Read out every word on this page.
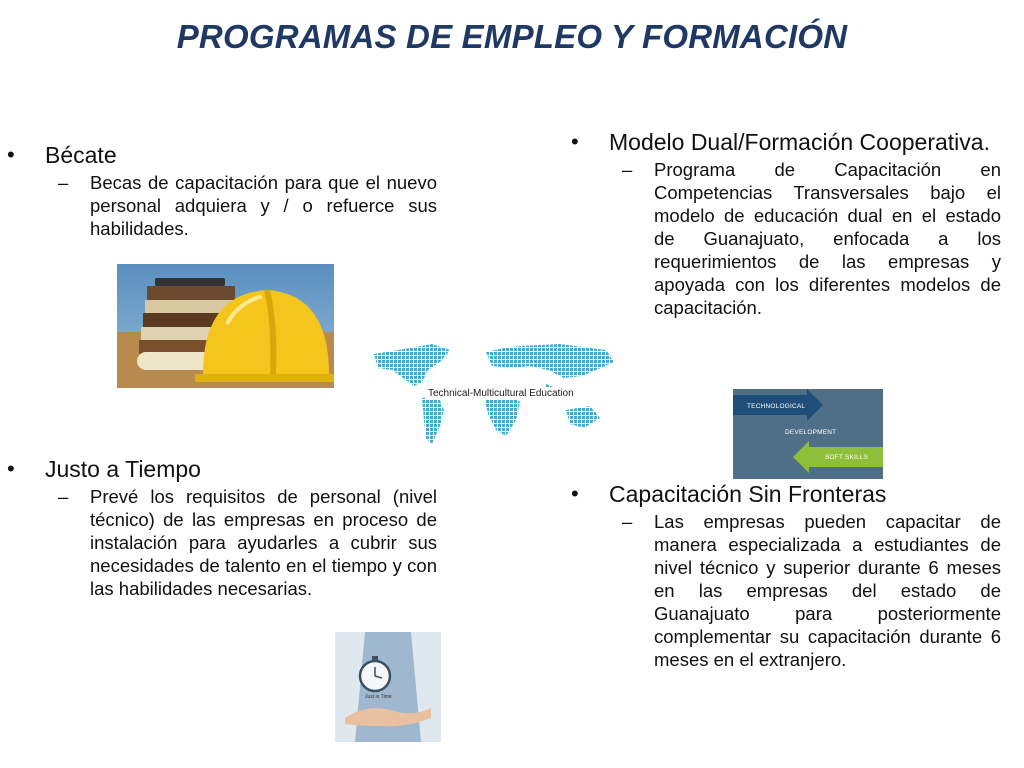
PROGRAMAS DE EMPLEO Y FORMACIÓN
• Bécate
– Becas de capacitación para que el nuevo personal adquiera y / o refuerce sus habilidades.
• Justo a Tiempo
– Prevé los requisitos de personal (nivel técnico) de las empresas en proceso de instalación para ayudarles a cubrir sus necesidades de talento en el tiempo y con las habilidades necesarias.
• Modelo Dual/Formación Cooperativa.
– Programa de Capacitación en Competencias Transversales bajo el modelo de educación dual en el estado de Guanajuato, enfocada a los requerimientos de las empresas y apoyada con los diferentes modelos de capacitación.
• Capacitación Sin Fronteras
– Las empresas pueden capacitar de manera especializada a estudiantes de nivel técnico y superior durante 6 meses en las empresas del estado de Guanajuato para posteriormente complementar su capacitación durante 6 meses en el extranjero.
Technical-Multicultural Education
TECHNOLOGICAL
DEVELOPMENT
SOFT SKILLS
Just in Time
